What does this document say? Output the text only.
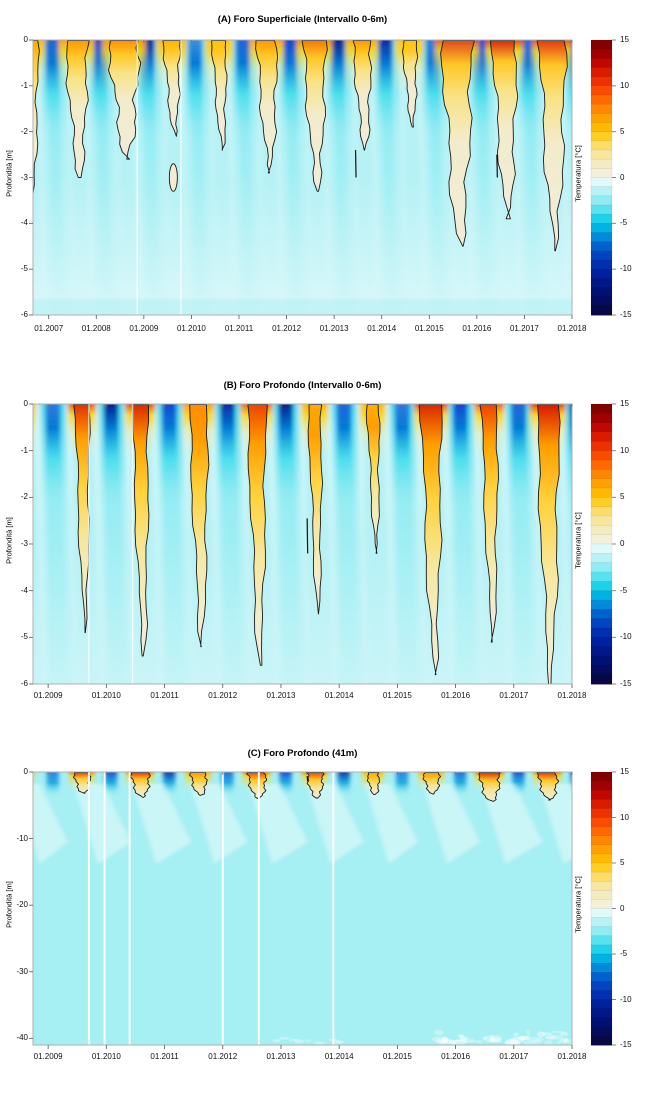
(A) Foro Superficiale (Intervallo 0-6m)
(B) Foro Profondo (Intervallo 0-6m)
(C) Foro Profondo (41m)
Profondità [m]
Profondità [m]
Profondità [m]
Temperatura [°C]
Temperatura [°C]
Temperatura [°C]
01.2007	01.2008	01.2009	01.2010	01.2011	01.2012	01.2013	01.2014	01.2015	01.2016	01.2017	01.2018
0
-1
-2
-3
-4
-5
-6
15
10
5
0
-5
-10
-15
01.2009	01.2010	01.2011	01.2012	01.2013	01.2014	01.2015	01.2016	01.2017	01.2018
0
-1
-2
-3
-4
-5
-6
15
10
5
0
-5
-10
-15
01.2009	01.2010	01.2011	01.2012	01.2013	01.2014	01.2015	01.2016	01.2017	01.2018
0
-10
-20
-30
-40
15
10
5
0
-5
-10
-15
